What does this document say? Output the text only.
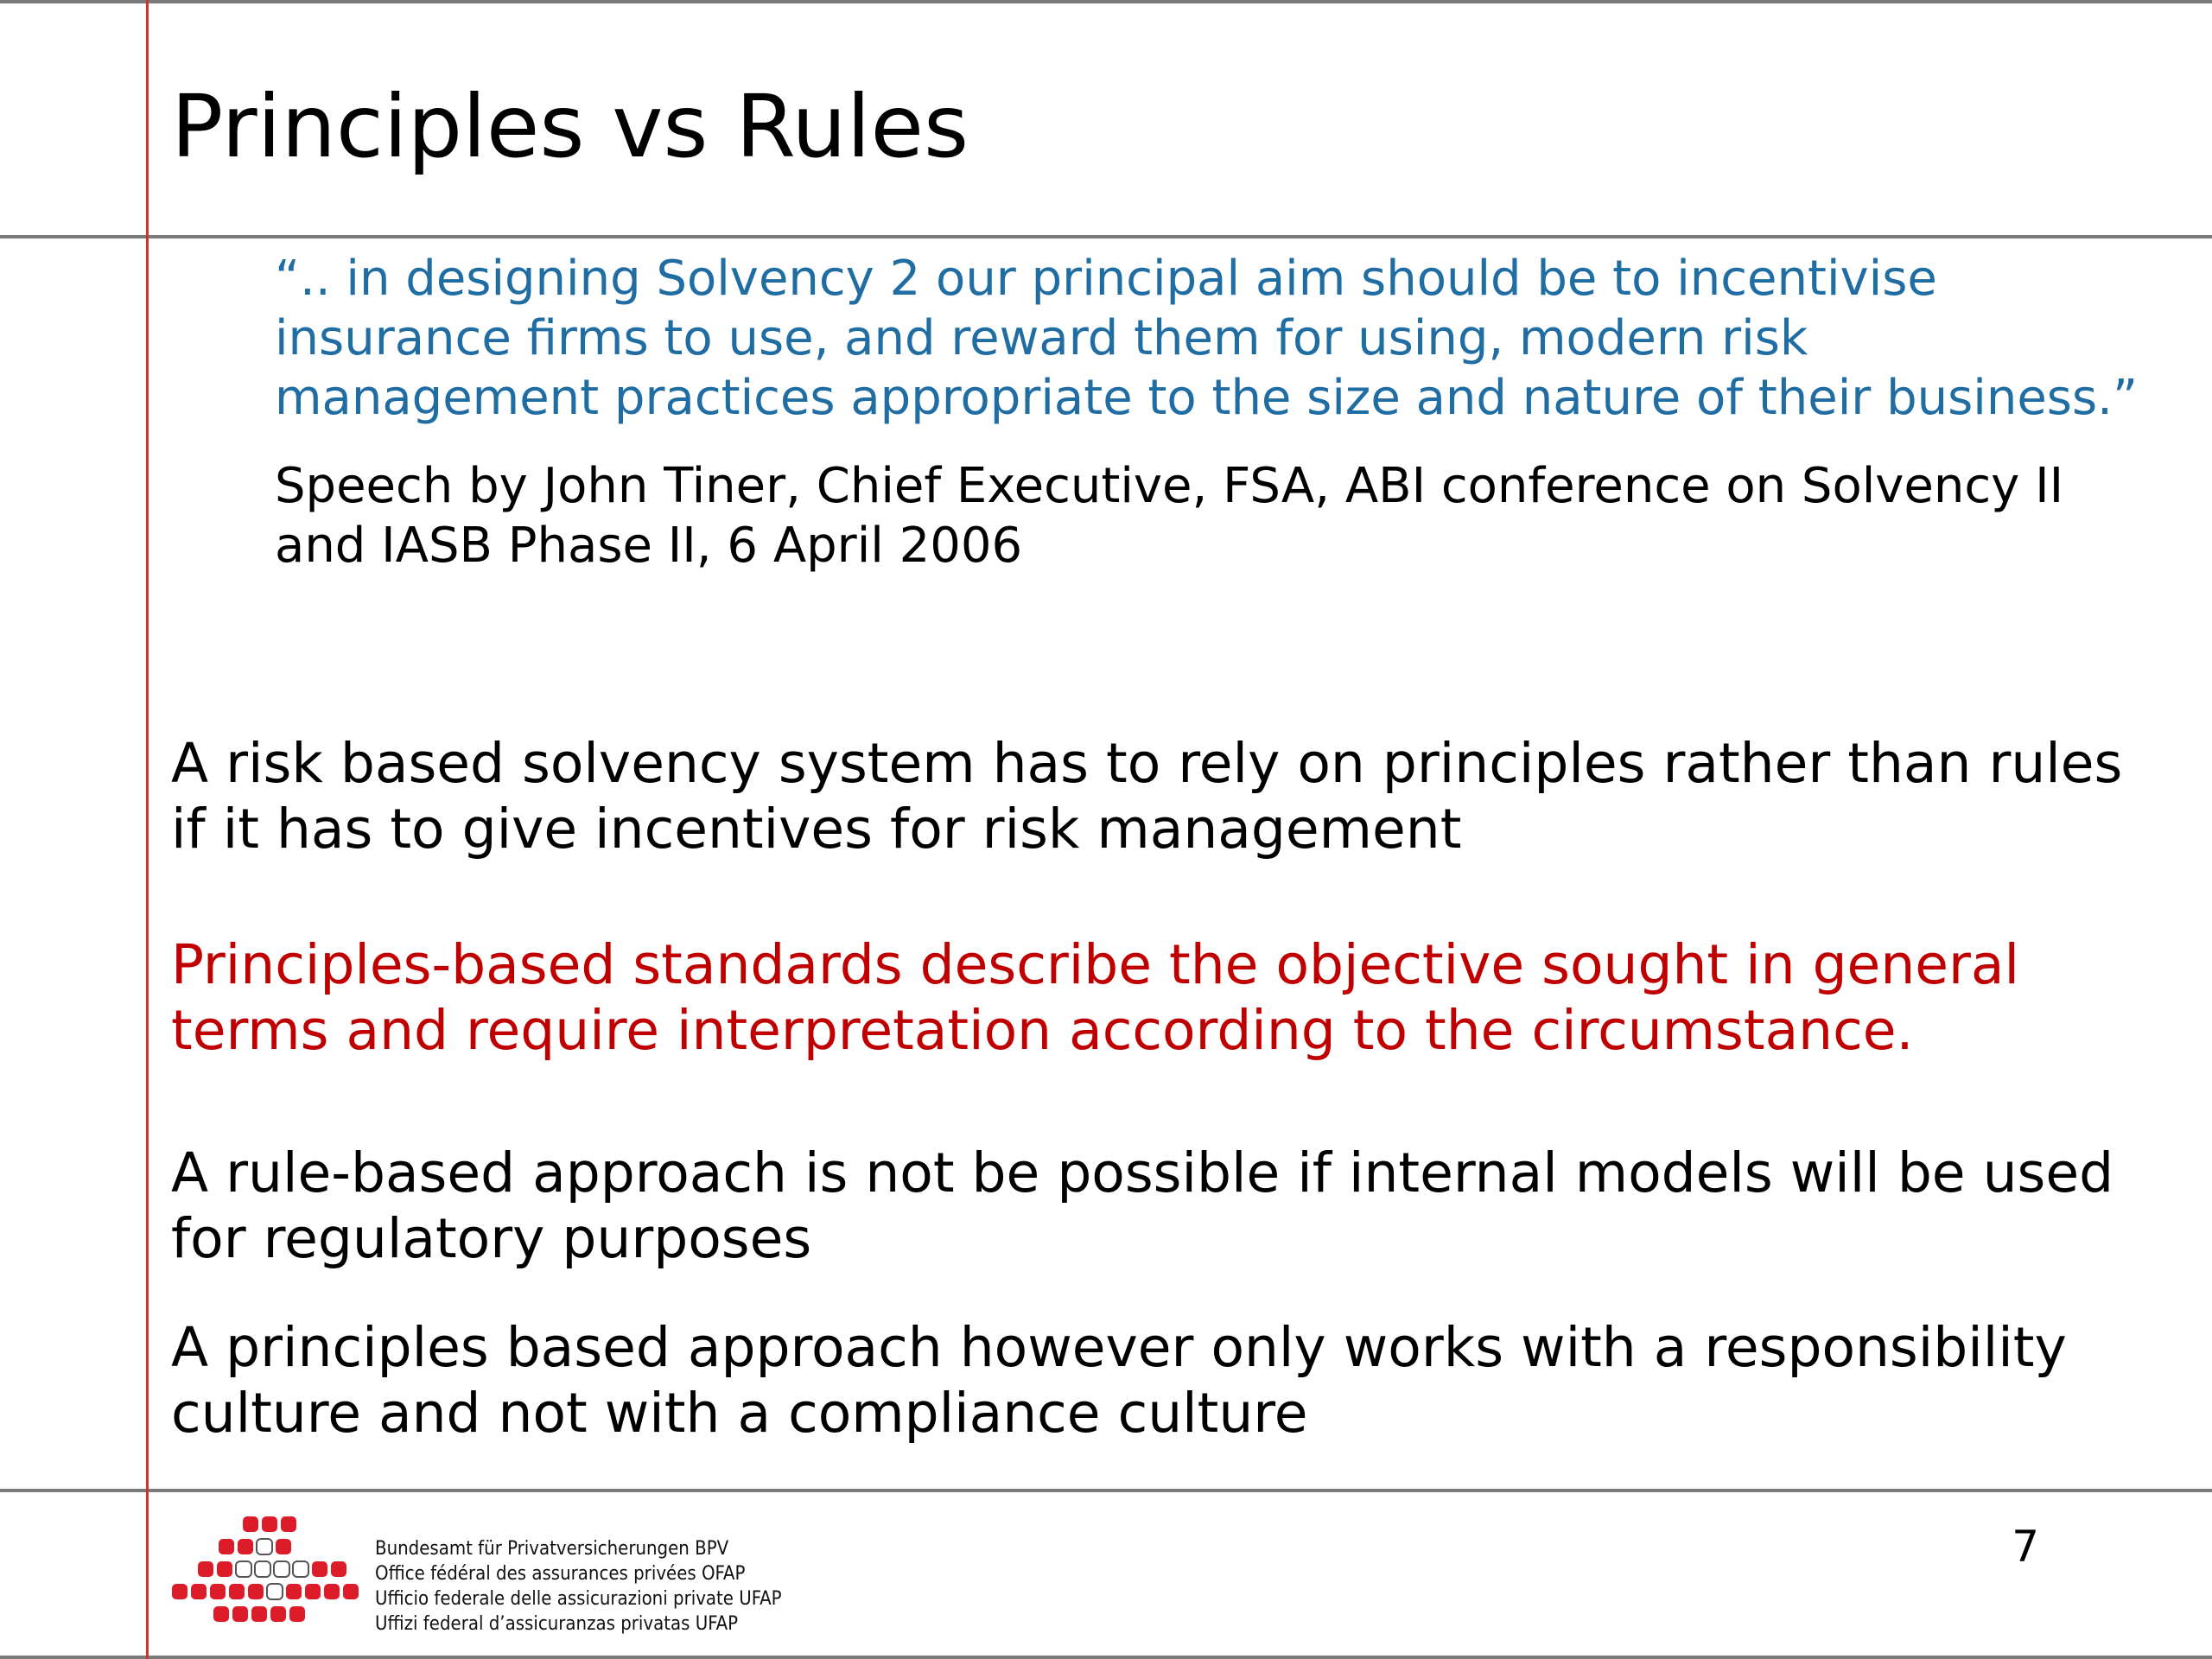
Principles vs Rules
“.. in designing Solvency 2 our principal aim should be to incentivise
insurance firms to use, and reward them for using, modern risk
management practices appropriate to the size and nature of their business.”
Speech by John Tiner, Chief Executive, FSA, ABI conference on Solvency II
and IASB Phase II, 6 April 2006
A risk based solvency system has to rely on principles rather than rules
if it has to give incentives for risk management
Principles-based standards describe the objective sought in general
terms and require interpretation according to the circumstance.
A rule-based approach is not be possible if internal models will be used
for regulatory purposes
A principles based approach however only works with a responsibility
culture and not with a compliance culture
Bundesamt für Privatversicherungen BPV
Office fédéral des assurances privées OFAP
Ufficio federale delle assicurazioni private UFAP
Uffizi federal d’assicuranzas privatas UFAP
7
